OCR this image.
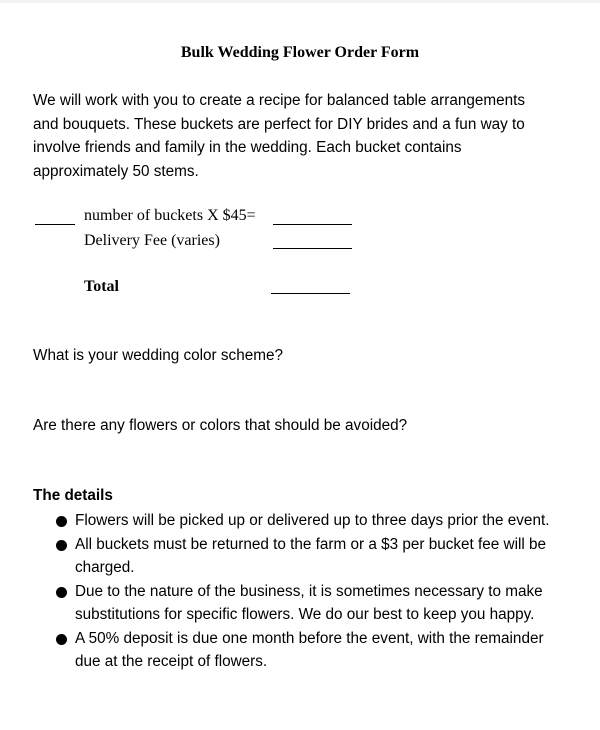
Bulk Wedding Flower Order Form
We will work with you to create a recipe for balanced table arrangements
and bouquets. These buckets are perfect for DIY brides and a fun way to
involve friends and family in the wedding. Each bucket contains
approximately 50 stems.
number of buckets X $45=
Delivery Fee (varies)
Total
What is your wedding color scheme?
Are there any flowers or colors that should be avoided?
The details
Flowers will be picked up or delivered up to three days prior the event.
All buckets must be returned to the farm or a $3 per bucket fee will be
charged.
Due to the nature of the business, it is sometimes necessary to make
substitutions for specific flowers. We do our best to keep you happy.
A 50% deposit is due one month before the event, with the remainder
due at the receipt of flowers.
